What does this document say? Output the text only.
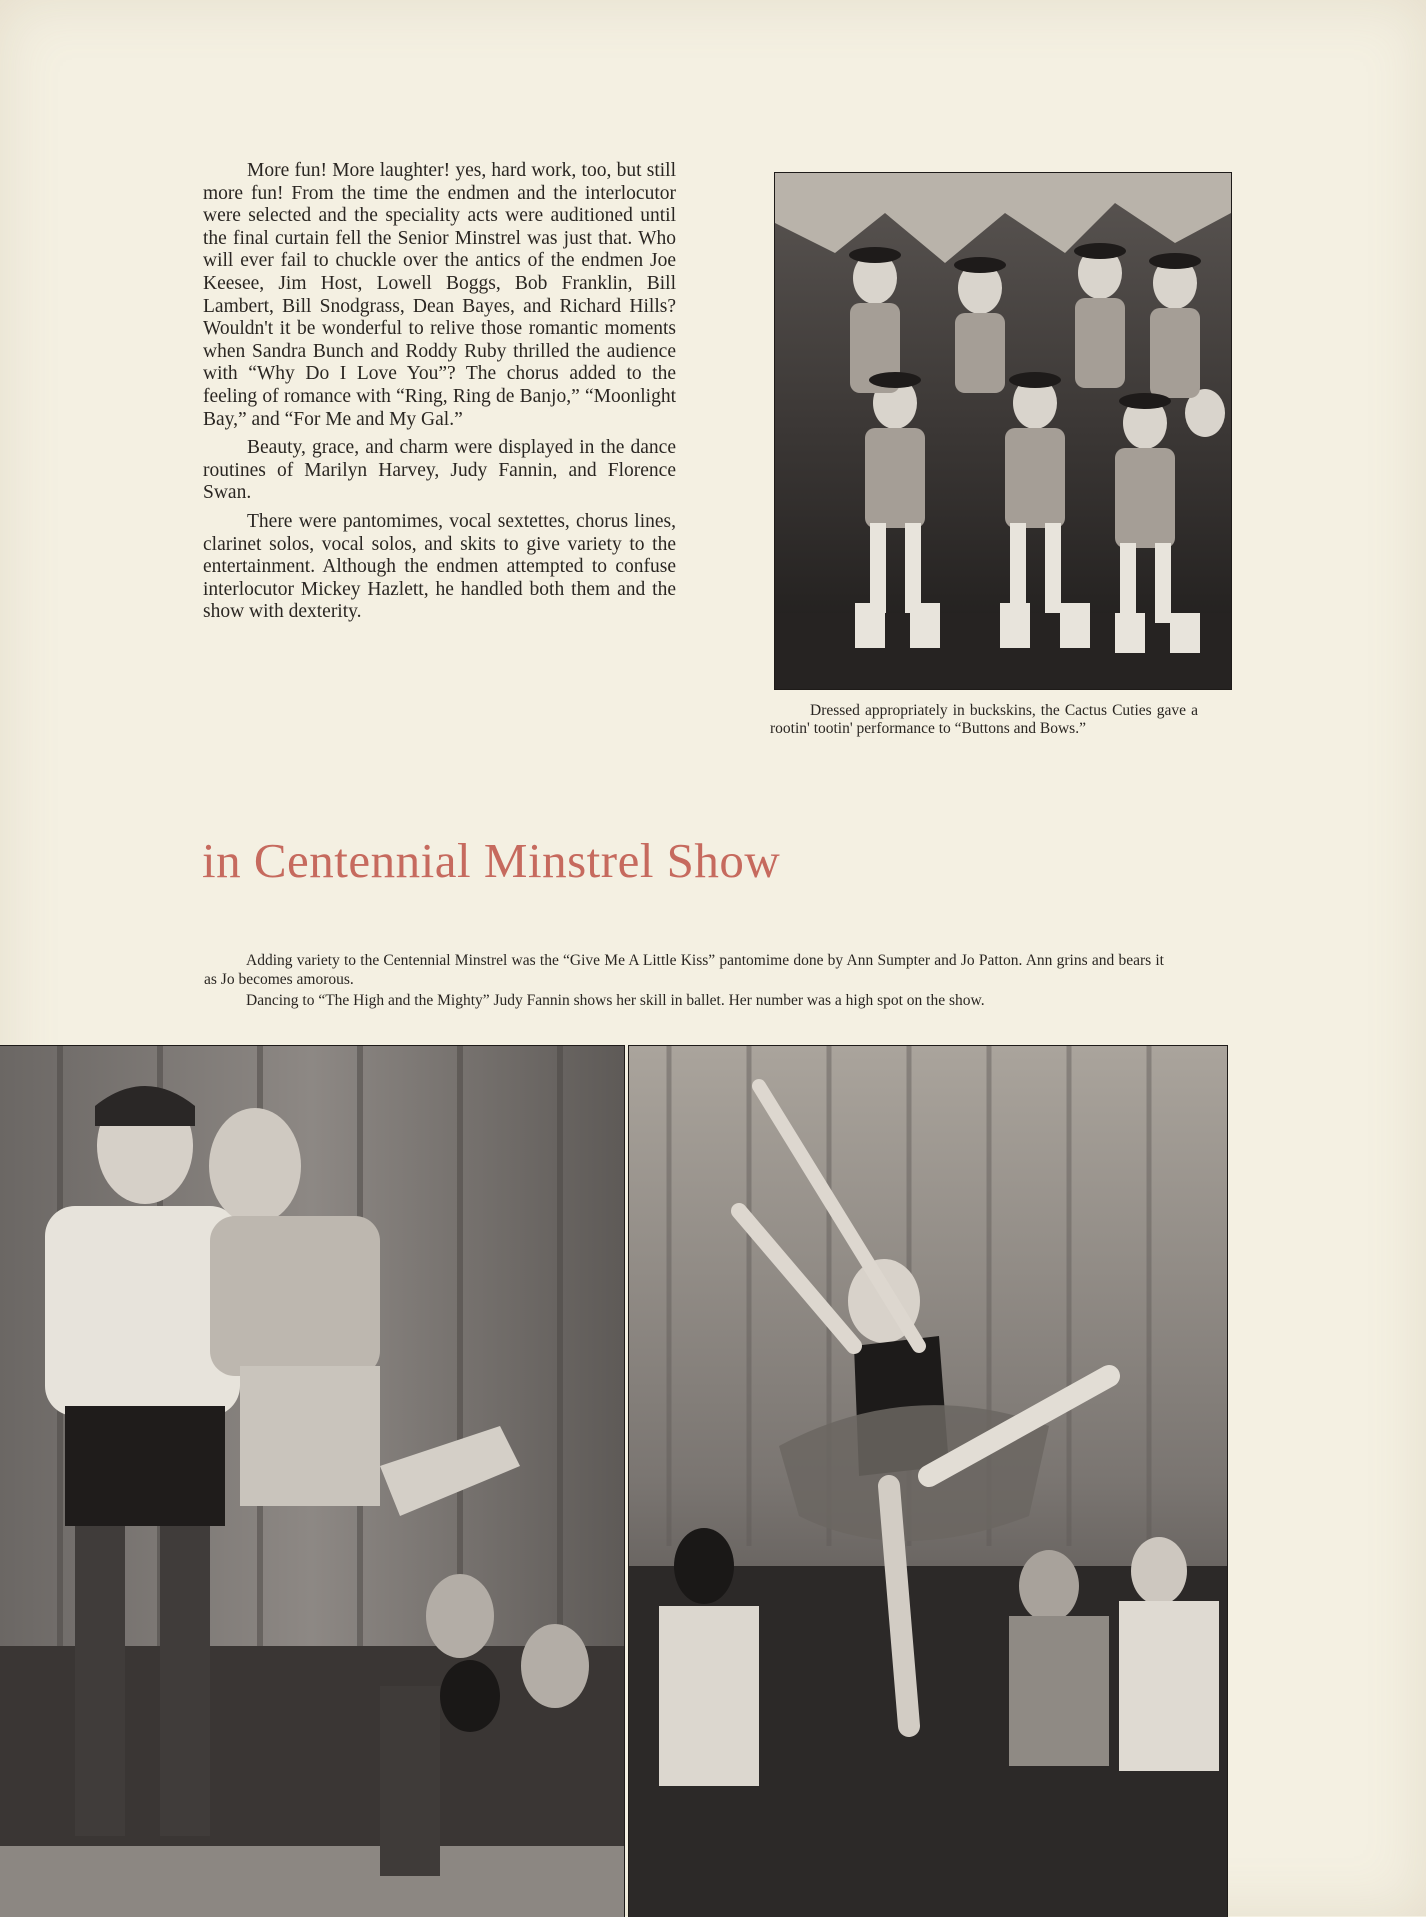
More fun! More laughter! yes, hard work, too, but still more fun! From the time the endmen and the interlocutor were selected and the speciality acts were auditioned until the final curtain fell the Senior Minstrel was just that. Who will ever fail to chuckle over the antics of the endmen Joe Keesee, Jim Host, Lowell Boggs, Bob Franklin, Bill Lambert, Bill Snodgrass, Dean Bayes, and Richard Hills? Wouldn't it be wonderful to relive those romantic moments when Sandra Bunch and Roddy Ruby thrilled the audience with “Why Do I Love You”? The chorus added to the feeling of romance with “Ring, Ring de Banjo,” “Moonlight Bay,” and “For Me and My Gal.”

Beauty, grace, and charm were displayed in the dance routines of Marilyn Harvey, Judy Fannin, and Florence Swan.

There were pantomimes, vocal sextettes, chorus lines, clarinet solos, vocal solos, and skits to give variety to the entertainment. Although the endmen attempted to confuse interlocutor Mickey Hazlett, he handled both them and the show with dexterity.

Dressed appropriately in buckskins, the Cactus Cuties gave a rootin' tootin' performance to “Buttons and Bows.”

in Centennial Minstrel Show

Adding variety to the Centennial Minstrel was the “Give Me A Little Kiss” pantomime done by Ann Sumpter and Jo Patton. Ann grins and bears it as Jo becomes amorous.

Dancing to “The High and the Mighty” Judy Fannin shows her skill in ballet. Her number was a high spot on the show.
